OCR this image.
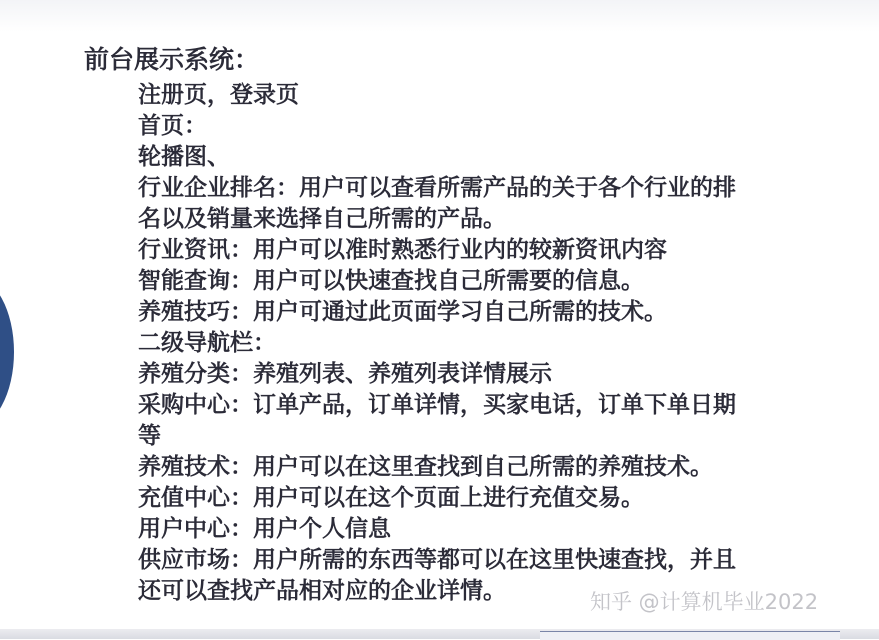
前台展示系统：
注册页，登录页
首页：
轮播图、
行业企业排名：用户可以查看所需产品的关于各个行业的排
名以及销量来选择自己所需的产品。
行业资讯：用户可以准时熟悉行业内的较新资讯内容
智能查询：用户可以快速查找自己所需要的信息。
养殖技巧：用户可通过此页面学习自己所需的技术。
二级导航栏：
养殖分类：养殖列表、养殖列表详情展示
采购中心：订单产品，订单详情，买家电话，订单下单日期
等
养殖技术：用户可以在这里查找到自己所需的养殖技术。
充值中心：用户可以在这个页面上进行充值交易。
用户中心：用户个人信息
供应市场：用户所需的东西等都可以在这里快速查找，并且
还可以查找产品相对应的企业详情。	知乎 @计算机毕业2022
